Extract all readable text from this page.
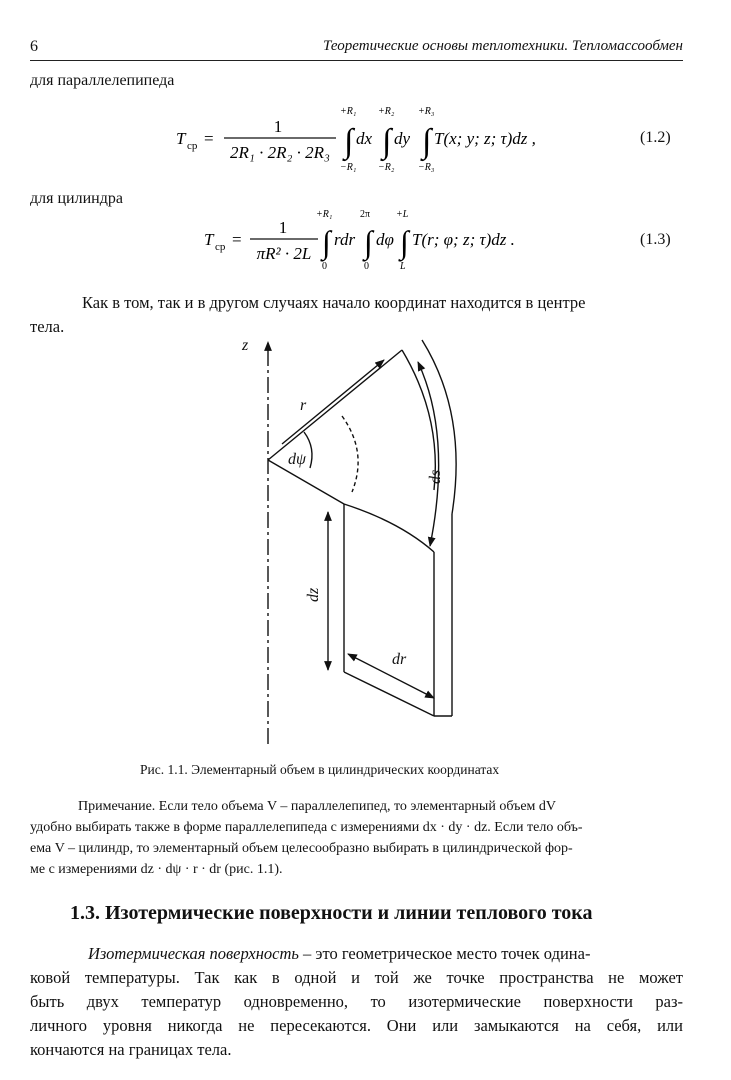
6	Теоретические основы теплотехники. Тепломассообмен
для параллелепипеда
T ср =
1
2R₁ · 2R₂ · 2R₃
+R₁
∫
−R₁
dx
+R₂
∫
−R₂
dy
+R₃
∫
−R₃
T(x; y; z; τ)dz ,	(1.2)
для цилиндра
T ср =
1
πR² · 2L
+R₁
∫
0
rdr
2π
∫
0
dφ
+L
∫
L
T(r; φ; z; τ)dz .	(1.3)
Как в том, так и в другом случаях начало координат находится в центре
тела.
z
r
dψ
ds
dz
dr
Рис. 1.1. Элементарный объем в цилиндрических координатах
Примечание. Если тело объема V – параллелепипед, то элементарный объем dV
удобно выбирать также в форме параллелепипеда с измерениями dx · dy · dz. Если тело объ-
ема V – цилиндр, то элементарный объем целесообразно выбирать в цилиндрической фор-
ме с измерениями dz · dψ · r · dr (рис. 1.1).
1.3. Изотермические поверхности и линии теплового тока
Изотермическая поверхность – это геометрическое место точек одина-
ковой температуры. Так как в одной и той же точке пространства не может
быть двух температур одновременно, то изотермические поверхности раз-
личного уровня никогда не пересекаются. Они или замыкаются на себя, или
кончаются на границах тела.
